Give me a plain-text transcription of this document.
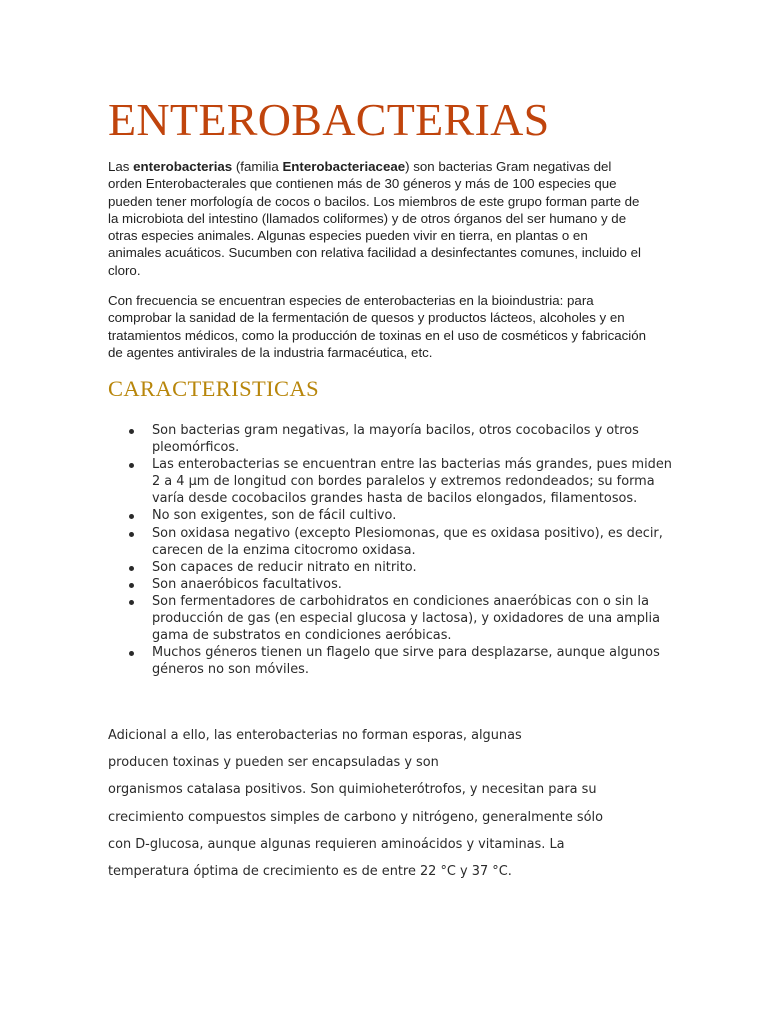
ENTEROBACTERIAS

Las enterobacterias (familia Enterobacteriaceae) son bacterias Gram negativas del orden Enterobacterales que contienen más de 30 géneros y más de 100 especies que pueden tener morfología de cocos o bacilos. Los miembros de este grupo forman parte de la microbiota del intestino (llamados coliformes) y de otros órganos del ser humano y de otras especies animales. Algunas especies pueden vivir en tierra, en plantas o en animales acuáticos. Sucumben con relativa facilidad a desinfectantes comunes, incluido el cloro.

Con frecuencia se encuentran especies de enterobacterias en la bioindustria: para comprobar la sanidad de la fermentación de quesos y productos lácteos, alcoholes y en tratamientos médicos, como la producción de toxinas en el uso de cosméticos y fabricación de agentes antivirales de la industria farmacéutica, etc.

CARACTERISTICAS
Son bacterias gram negativas, la mayoría bacilos, otros cocobacilos y otros pleomórficos.
Las enterobacterias se encuentran entre las bacterias más grandes, pues miden 2 a 4 µm de longitud con bordes paralelos y extremos redondeados; su forma varía desde cocobacilos grandes hasta de bacilos elongados, filamentosos.
No son exigentes, son de fácil cultivo.
Son oxidasa negativo (excepto Plesiomonas, que es oxidasa positivo), es decir, carecen de la enzima citocromo oxidasa.
Son capaces de reducir nitrato en nitrito.
Son anaeróbicos facultativos.
Son fermentadores de carbohidratos en condiciones anaeróbicas con o sin la producción de gas (en especial glucosa y lactosa), y oxidadores de una amplia gama de substratos en condiciones aeróbicas.
Muchos géneros tienen un flagelo que sirve para desplazarse, aunque algunos géneros no son móviles.

Adicional a ello, las enterobacterias no forman esporas, algunas
producen toxinas y pueden ser encapsuladas y son
organismos catalasa positivos. Son quimioheterótrofos, y necesitan para su
crecimiento compuestos simples de carbono y nitrógeno, generalmente sólo
con D-glucosa, aunque algunas requieren aminoácidos y vitaminas. La
temperatura óptima de crecimiento es de entre 22 °C y 37 °C.
